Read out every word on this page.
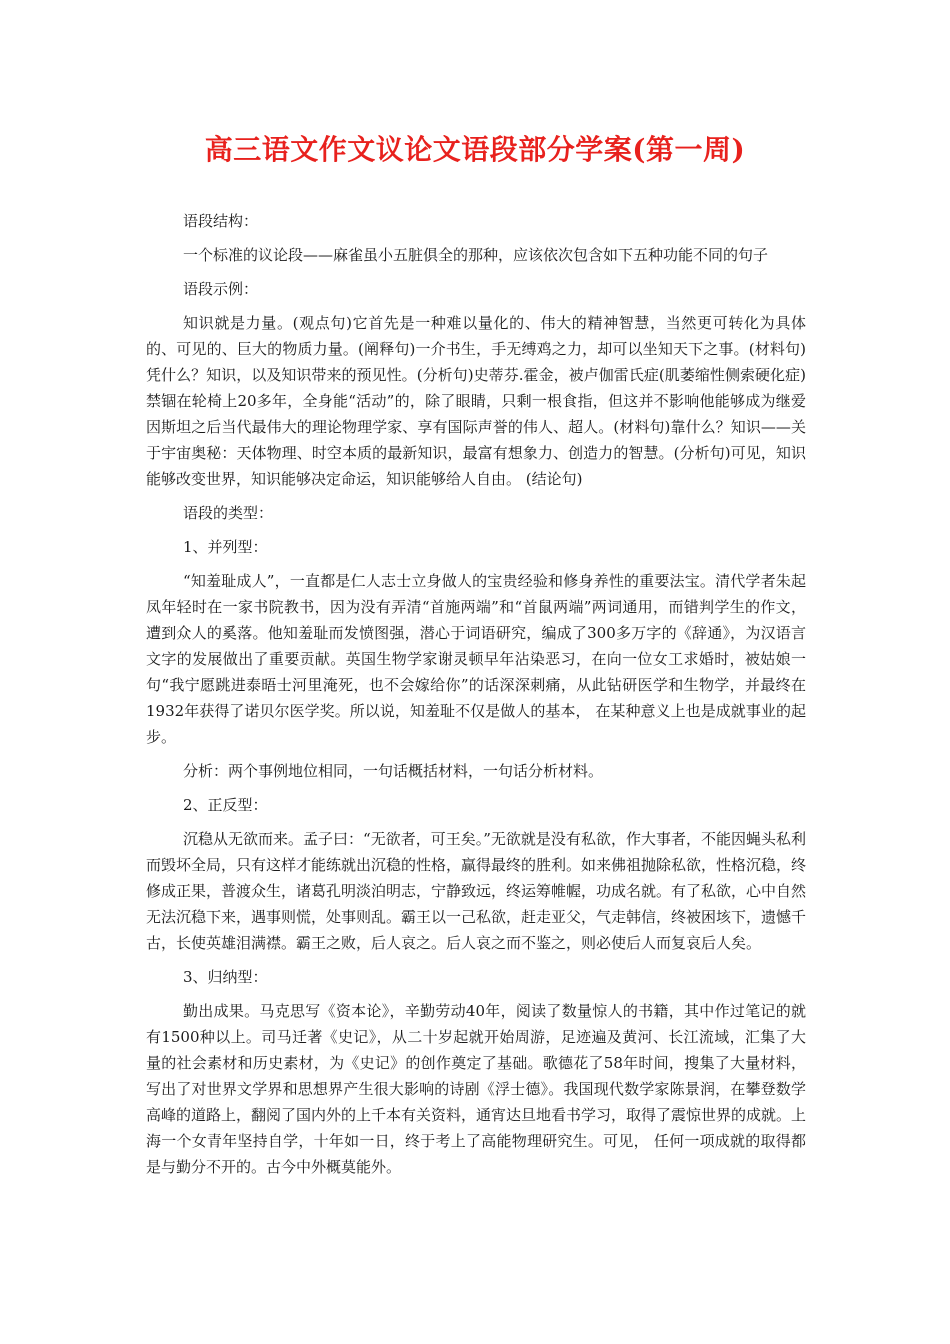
高三语文作文议论文语段部分学案(第一周)

语段结构：

一个标准的议论段——麻雀虽小五脏俱全的那种，应该依次包含如下五种功能不同的句子

语段示例：

知识就是力量。(观点句)它首先是一种难以量化的、伟大的精神智慧，当然更可转化为具体的、可见的、巨大的物质力量。(阐释句)一介书生，手无缚鸡之力，却可以坐知天下之事。(材料句)凭什么？知识，以及知识带来的预见性。(分析句)史蒂芬.霍金，被卢伽雷氏症(肌萎缩性侧索硬化症)禁锢在轮椅上20多年，全身能“活动”的，除了眼睛，只剩一根食指，但这并不影响他能够成为继爱因斯坦之后当代最伟大的理论物理学家、享有国际声誉的伟人、超人。(材料句)靠什么？知识——关于宇宙奥秘：天体物理、时空本质的最新知识，最富有想象力、创造力的智慧。(分析句)可见，知识能够改变世界，知识能够决定命运，知识能够给人自由。 (结论句)

语段的类型：

1、并列型：

“知羞耻成人”，一直都是仁人志士立身做人的宝贵经验和修身养性的重要法宝。清代学者朱起凤年轻时在一家书院教书，因为没有弄清“首施两端”和“首鼠两端”两词通用，而错判学生的作文，遭到众人的奚落。他知羞耻而发愤图强，潜心于词语研究，编成了300多万字的《辞通》，为汉语言文字的发展做出了重要贡献。英国生物学家谢灵顿早年沾染恶习，在向一位女工求婚时，被姑娘一句“我宁愿跳进泰晤士河里淹死，也不会嫁给你”的话深深刺痛，从此钻研医学和生物学，并最终在1932年获得了诺贝尔医学奖。所以说，知羞耻不仅是做人的基本， 在某种意义上也是成就事业的起步。

分析：两个事例地位相同，一句话概括材料，一句话分析材料。

2、正反型：

沉稳从无欲而来。孟子曰：“无欲者，可王矣。”无欲就是没有私欲，作大事者，不能因蝇头私利而毁坏全局，只有这样才能练就出沉稳的性格，赢得最终的胜利。如来佛祖抛除私欲，性格沉稳，终修成正果，普渡众生，诸葛孔明淡泊明志，宁静致远，终运筹帷幄，功成名就。有了私欲，心中自然无法沉稳下来，遇事则慌，处事则乱。霸王以一己私欲，赶走亚父，气走韩信，终被困垓下，遗憾千古，长使英雄泪满襟。霸王之败，后人哀之。后人哀之而不鉴之，则必使后人而复哀后人矣。

3、归纳型：

勤出成果。马克思写《资本论》，辛勤劳动40年，阅读了数量惊人的书籍，其中作过笔记的就有1500种以上。司马迁著《史记》，从二十岁起就开始周游，足迹遍及黄河、长江流域，汇集了大量的社会素材和历史素材，为《史记》的创作奠定了基础。歌德花了58年时间，搜集了大量材料，写出了对世界文学界和思想界产生很大影响的诗剧《浮士德》。我国现代数学家陈景润，在攀登数学高峰的道路上，翻阅了国内外的上千本有关资料，通宵达旦地看书学习，取得了震惊世界的成就。上海一个女青年坚持自学，十年如一日，终于考上了高能物理研究生。可见， 任何一项成就的取得都是与勤分不开的。古今中外概莫能外。
